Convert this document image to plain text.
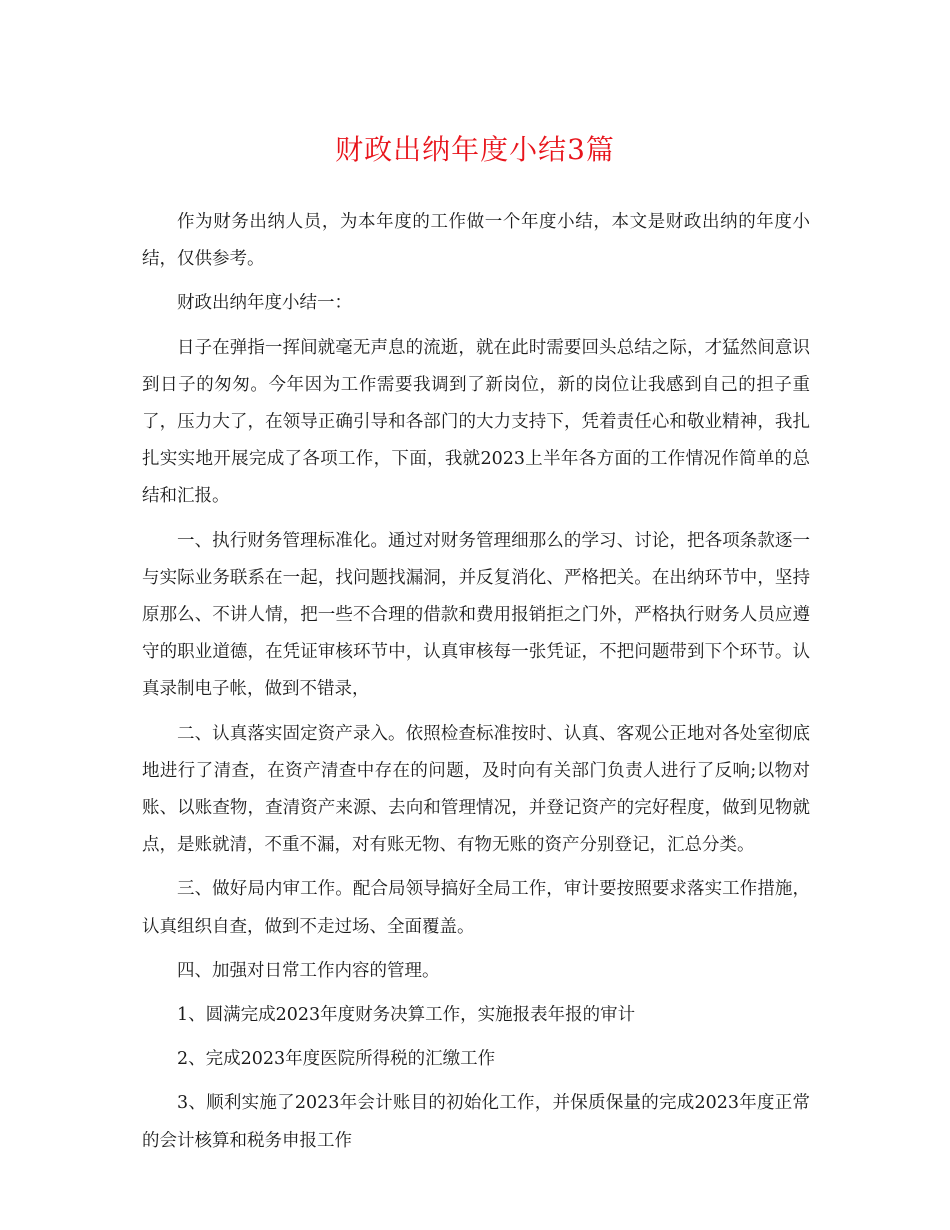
财政出纳年度小结3篇

作为财务出纳人员，为本年度的工作做一个年度小结，本文是财政出纳的年度小结，仅供参考。

财政出纳年度小结一：

日子在弹指一挥间就毫无声息的流逝，就在此时需要回头总结之际，才猛然间意识到日子的匆匆。今年因为工作需要我调到了新岗位，新的岗位让我感到自己的担子重了，压力大了，在领导正确引导和各部门的大力支持下，凭着责任心和敬业精神，我扎扎实实地开展完成了各项工作，下面，我就2023上半年各方面的工作情况作简单的总结和汇报。

一、执行财务管理标准化。通过对财务管理细那么的学习、讨论，把各项条款逐一与实际业务联系在一起，找问题找漏洞，并反复消化、严格把关。在出纳环节中，坚持原那么、不讲人情，把一些不合理的借款和费用报销拒之门外，严格执行财务人员应遵守的职业道德，在凭证审核环节中，认真审核每一张凭证，不把问题带到下个环节。认真录制电子帐，做到不错录，

二、认真落实固定资产录入。依照检查标准按时、认真、客观公正地对各处室彻底地进行了清查，在资产清查中存在的问题，及时向有关部门负责人进行了反响;以物对账、以账查物，查清资产来源、去向和管理情况，并登记资产的完好程度，做到见物就点，是账就清，不重不漏，对有账无物、有物无账的资产分别登记，汇总分类。

三、做好局内审工作。配合局领导搞好全局工作，审计要按照要求落实工作措施，认真组织自查，做到不走过场、全面覆盖。

四、加强对日常工作内容的管理。

1、圆满完成2023年度财务决算工作，实施报表年报的审计

2、完成2023年度医院所得税的汇缴工作

3、顺利实施了2023年会计账目的初始化工作，并保质保量的完成2023年度正常的会计核算和税务申报工作
